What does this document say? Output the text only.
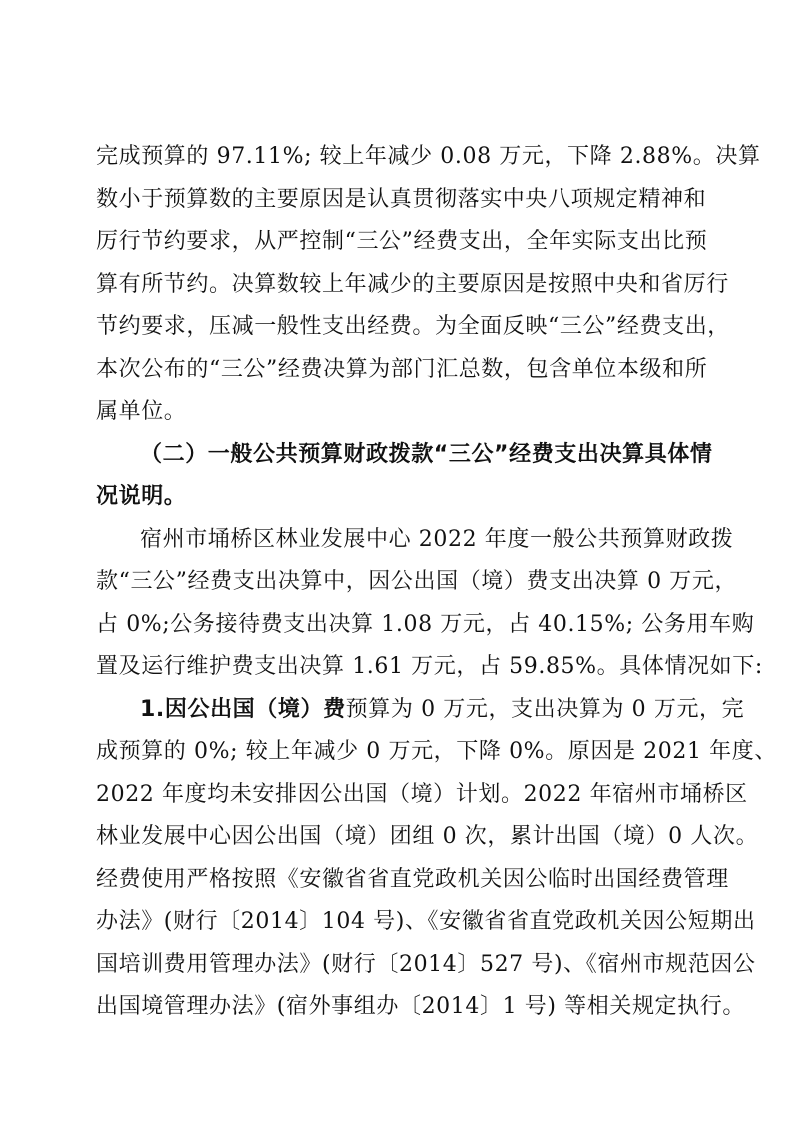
完成预算的 97.11%; 较上年减少 0.08 万元，下降 2.88%。决算
数小于预算数的主要原因是认真贯彻落实中央八项规定精神和
厉行节约要求，从严控制“三公”经费支出，全年实际支出比预
算有所节约。决算数较上年减少的主要原因是按照中央和省厉行
节约要求，压减一般性支出经费。为全面反映“三公”经费支出，
本次公布的“三公”经费决算为部门汇总数，包含单位本级和所
属单位。
（二）一般公共预算财政拨款“三公”经费支出决算具体情
况说明。
宿州市埇桥区林业发展中心 2022 年度一般公共预算财政拨
款“三公”经费支出决算中，因公出国（境）费支出决算 0 万元，
占 0%;公务接待费支出决算 1.08 万元，占 40.15%; 公务用车购
置及运行维护费支出决算 1.61 万元，占 59.85%。具体情况如下:
1.因公出国（境）费预算为 0 万元，支出决算为 0 万元，完
成预算的 0%; 较上年减少 0 万元，下降 0%。原因是 2021 年度、
2022 年度均未安排因公出国（境）计划。2022 年宿州市埇桥区
林业发展中心因公出国（境）团组 0 次，累计出国（境）0 人次。
经费使用严格按照《安徽省省直党政机关因公临时出国经费管理
办法》(财行〔2014〕104 号)、《安徽省省直党政机关因公短期出
国培训费用管理办法》(财行〔2014〕527 号)、《宿州市规范因公
出国境管理办法》(宿外事组办〔2014〕1 号) 等相关规定执行。
